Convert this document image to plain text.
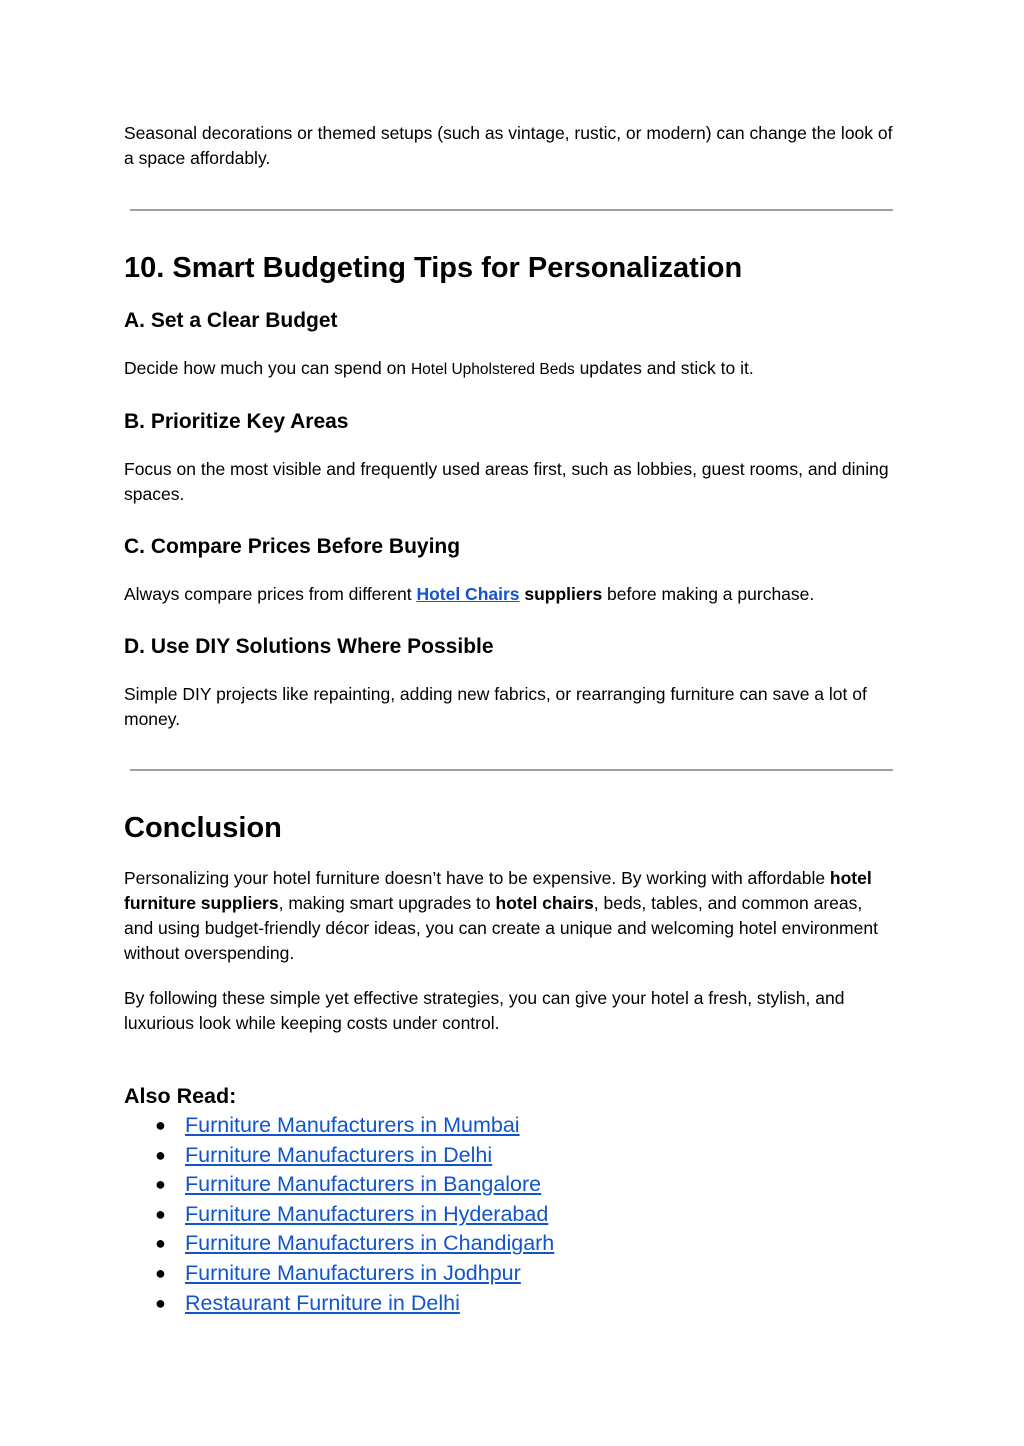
Seasonal decorations or themed setups (such as vintage, rustic, or modern) can change the look of a space affordably.

10. Smart Budgeting Tips for Personalization
A. Set a Clear Budget

Decide how much you can spend on Hotel Upholstered Beds updates and stick to it.

B. Prioritize Key Areas

Focus on the most visible and frequently used areas first, such as lobbies, guest rooms, and dining spaces.

C. Compare Prices Before Buying

Always compare prices from different Hotel Chairs suppliers before making a purchase.

D. Use DIY Solutions Where Possible

Simple DIY projects like repainting, adding new fabrics, or rearranging furniture can save a lot of money.

Conclusion

Personalizing your hotel furniture doesn’t have to be expensive. By working with affordable hotel furniture suppliers, making smart upgrades to hotel chairs, beds, tables, and common areas, and using budget-friendly décor ideas, you can create a unique and welcoming hotel environment without overspending.

By following these simple yet effective strategies, you can give your hotel a fresh, stylish, and luxurious look while keeping costs under control.

Also Read:
● Furniture Manufacturers in Mumbai
● Furniture Manufacturers in Delhi
● Furniture Manufacturers in Bangalore
● Furniture Manufacturers in Hyderabad
● Furniture Manufacturers in Chandigarh
● Furniture Manufacturers in Jodhpur
● Restaurant Furniture in Delhi
